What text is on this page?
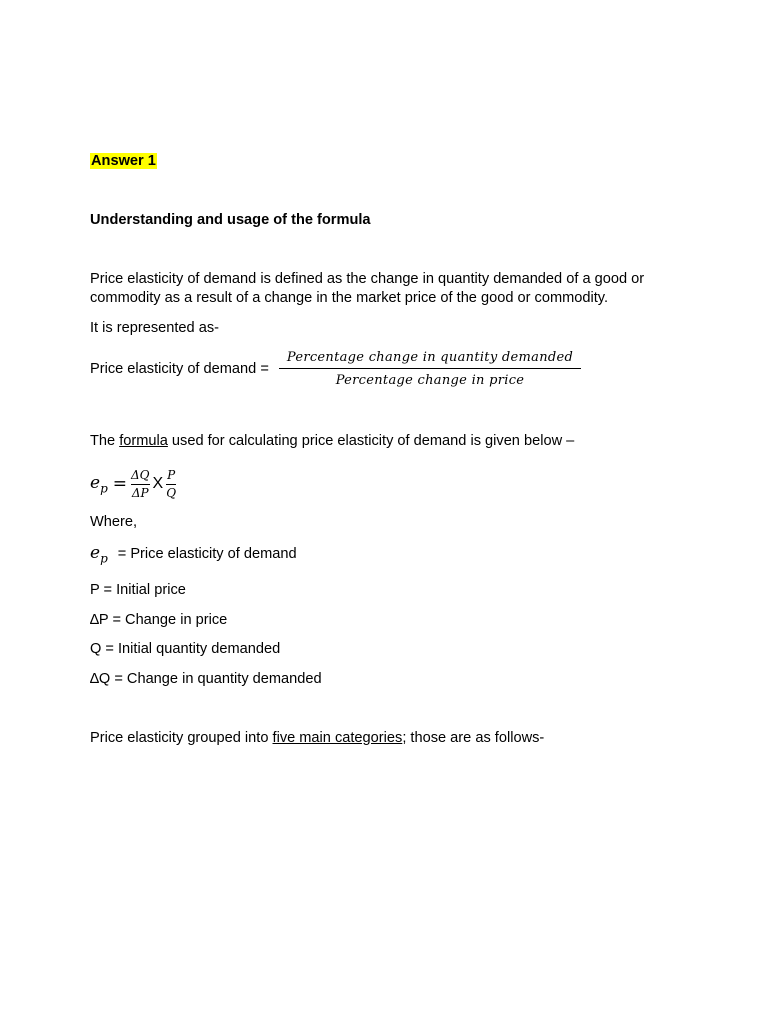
Answer 1
Understanding and usage of the formula
Price elasticity of demand is defined as the change in quantity demanded of a good or
commodity as a result of a change in the market price of the good or commodity.
It is represented as-
Price elasticity of demand =
Percentage change in quantity demanded
Percentage change in price
The formula used for calculating price elasticity of demand is given below –
$e_p = \Delta Q$
ΔP
X
P
Q
Where,
$e_p$ = Price elasticity of demand
P = Initial price
∆P = Change in price
Q = Initial quantity demanded
∆Q = Change in quantity demanded
Price elasticity grouped into five main categories; those are as follows-
